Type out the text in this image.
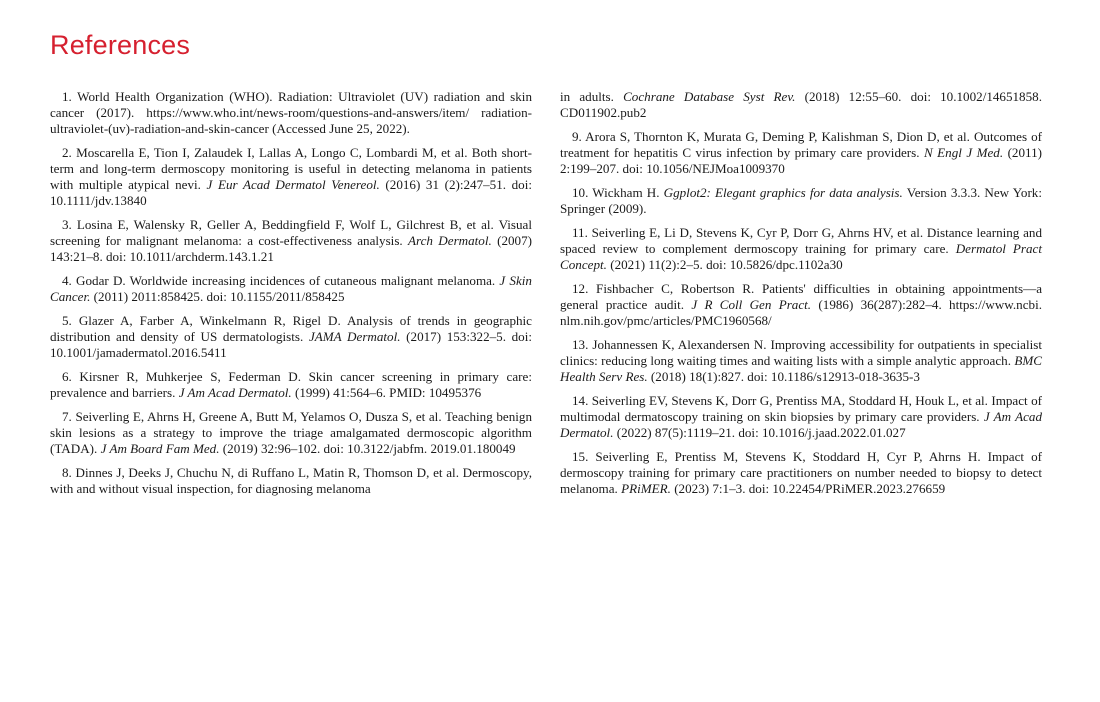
References

1. World Health Organization (WHO). Radiation: Ultraviolet (UV) radiation and skin cancer (2017). https://www.who.int/news-room/questions-and-answers/item/ radiation-ultraviolet-(uv)-radiation-and-skin-cancer (Accessed June 25, 2022).

2. Moscarella E, Tion I, Zalaudek I, Lallas A, Longo C, Lombardi M, et al. Both short-term and long-term dermoscopy monitoring is useful in detecting melanoma in patients with multiple atypical nevi. J Eur Acad Dermatol Venereol. (2016) 31 (2):247–51. doi: 10.1111/jdv.13840

3. Losina E, Walensky R, Geller A, Beddingfield F, Wolf L, Gilchrest B, et al. Visual screening for malignant melanoma: a cost-effectiveness analysis. Arch Dermatol. (2007) 143:21–8. doi: 10.1011/archderm.143.1.21

4. Godar D. Worldwide increasing incidences of cutaneous malignant melanoma. J Skin Cancer. (2011) 2011:858425. doi: 10.1155/2011/858425

5. Glazer A, Farber A, Winkelmann R, Rigel D. Analysis of trends in geographic distribution and density of US dermatologists. JAMA Dermatol. (2017) 153:322–5. doi: 10.1001/jamadermatol.2016.5411

6. Kirsner R, Muhkerjee S, Federman D. Skin cancer screening in primary care: prevalence and barriers. J Am Acad Dermatol. (1999) 41:564–6. PMID: 10495376

7. Seiverling E, Ahrns H, Greene A, Butt M, Yelamos O, Dusza S, et al. Teaching benign skin lesions as a strategy to improve the triage amalgamated dermoscopic algorithm (TADA). J Am Board Fam Med. (2019) 32:96–102. doi: 10.3122/jabfm. 2019.01.180049

8. Dinnes J, Deeks J, Chuchu N, di Ruffano L, Matin R, Thomson D, et al. Dermoscopy, with and without visual inspection, for diagnosing melanoma

in adults. Cochrane Database Syst Rev. (2018) 12:55–60. doi: 10.1002/14651858. CD011902.pub2

9. Arora S, Thornton K, Murata G, Deming P, Kalishman S, Dion D, et al. Outcomes of treatment for hepatitis C virus infection by primary care providers. N Engl J Med. (2011) 2:199–207. doi: 10.1056/NEJMoa1009370

10. Wickham H. Ggplot2: Elegant graphics for data analysis. Version 3.3.3. New York: Springer (2009).

11. Seiverling E, Li D, Stevens K, Cyr P, Dorr G, Ahrns HV, et al. Distance learning and spaced review to complement dermoscopy training for primary care. Dermatol Pract Concept. (2021) 11(2):2–5. doi: 10.5826/dpc.1102a30

12. Fishbacher C, Robertson R. Patients' difficulties in obtaining appointments—a general practice audit. J R Coll Gen Pract. (1986) 36(287):282–4. https://www.ncbi. nlm.nih.gov/pmc/articles/PMC1960568/

13. Johannessen K, Alexandersen N. Improving accessibility for outpatients in specialist clinics: reducing long waiting times and waiting lists with a simple analytic approach. BMC Health Serv Res. (2018) 18(1):827. doi: 10.1186/s12913-018-3635-3

14. Seiverling EV, Stevens K, Dorr G, Prentiss MA, Stoddard H, Houk L, et al. Impact of multimodal dermatoscopy training on skin biopsies by primary care providers. J Am Acad Dermatol. (2022) 87(5):1119–21. doi: 10.1016/j.jaad.2022.01.027

15. Seiverling E, Prentiss M, Stevens K, Stoddard H, Cyr P, Ahrns H. Impact of dermoscopy training for primary care practitioners on number needed to biopsy to detect melanoma. PRiMER. (2023) 7:1–3. doi: 10.22454/PRiMER.2023.276659
